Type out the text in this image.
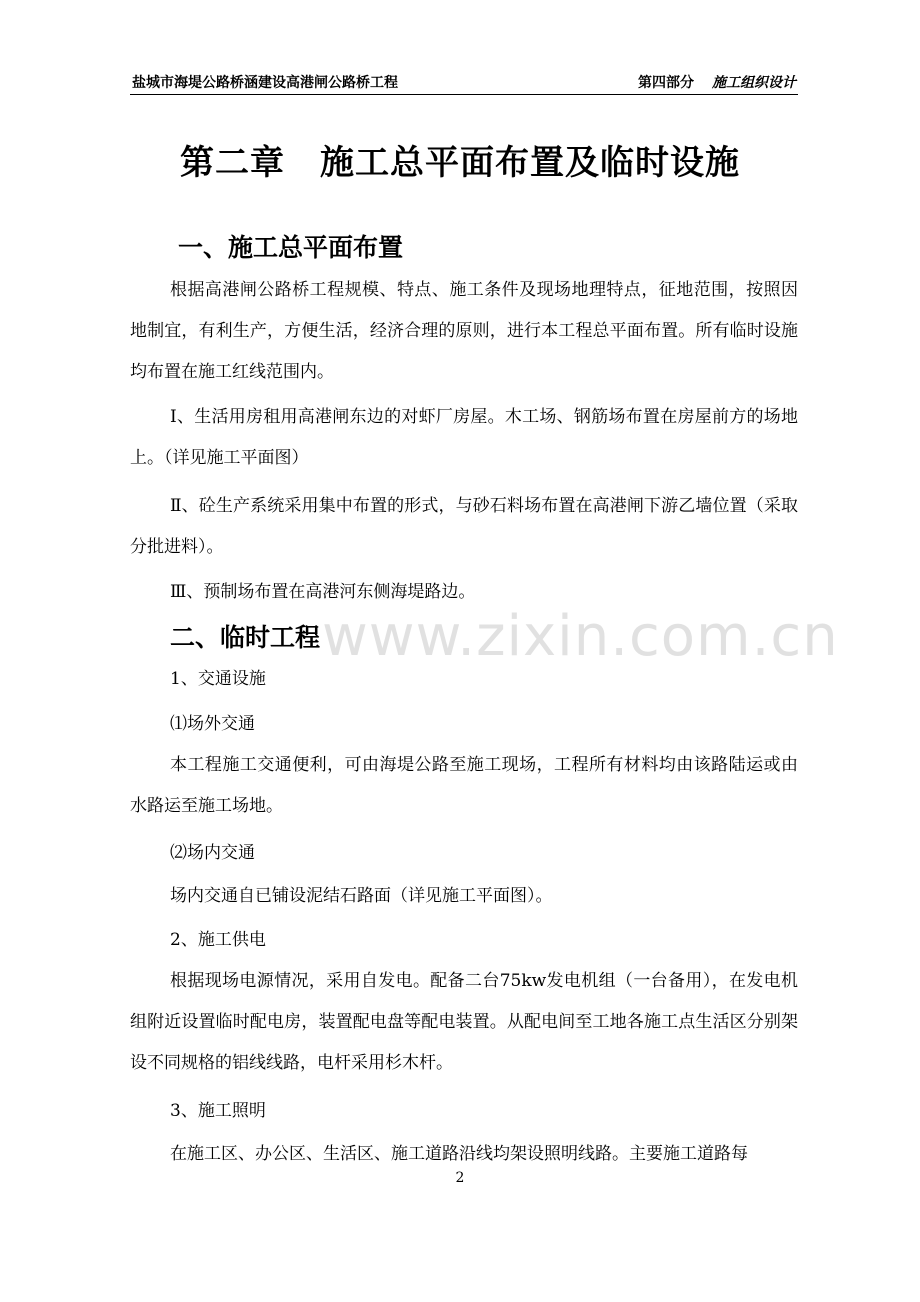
盐城市海堤公路桥涵建设高港闸公路桥工程	第四部分 施工组织设计
第二章　施工总平面布置及临时设施
一、施工总平面布置
根据高港闸公路桥工程规模、特点、施工条件及现场地理特点，征地范围，按照因地制宜，有利生产，方便生活，经济合理的原则，进行本工程总平面布置。所有临时设施均布置在施工红线范围内。
Ⅰ、生活用房租用高港闸东边的对虾厂房屋。木工场、钢筋场布置在房屋前方的场地上。（详见施工平面图）
Ⅱ、砼生产系统采用集中布置的形式，与砂石料场布置在高港闸下游乙墙位置（采取分批进料）。
Ⅲ、预制场布置在高港河东侧海堤路边。
二、临时工程
1、交通设施
⑴场外交通
本工程施工交通便利，可由海堤公路至施工现场，工程所有材料均由该路陆运或由水路运至施工场地。
⑵场内交通
场内交通自已铺设泥结石路面（详见施工平面图）。
2、施工供电
根据现场电源情况，采用自发电。配备二台75kw发电机组（一台备用），在发电机组附近设置临时配电房，装置配电盘等配电装置。从配电间至工地各施工点生活区分别架设不同规格的铝线线路，电杆采用杉木杆。
3、施工照明
在施工区、办公区、生活区、施工道路沿线均架设照明线路。主要施工道路每
www.zixin.com.cn
2
